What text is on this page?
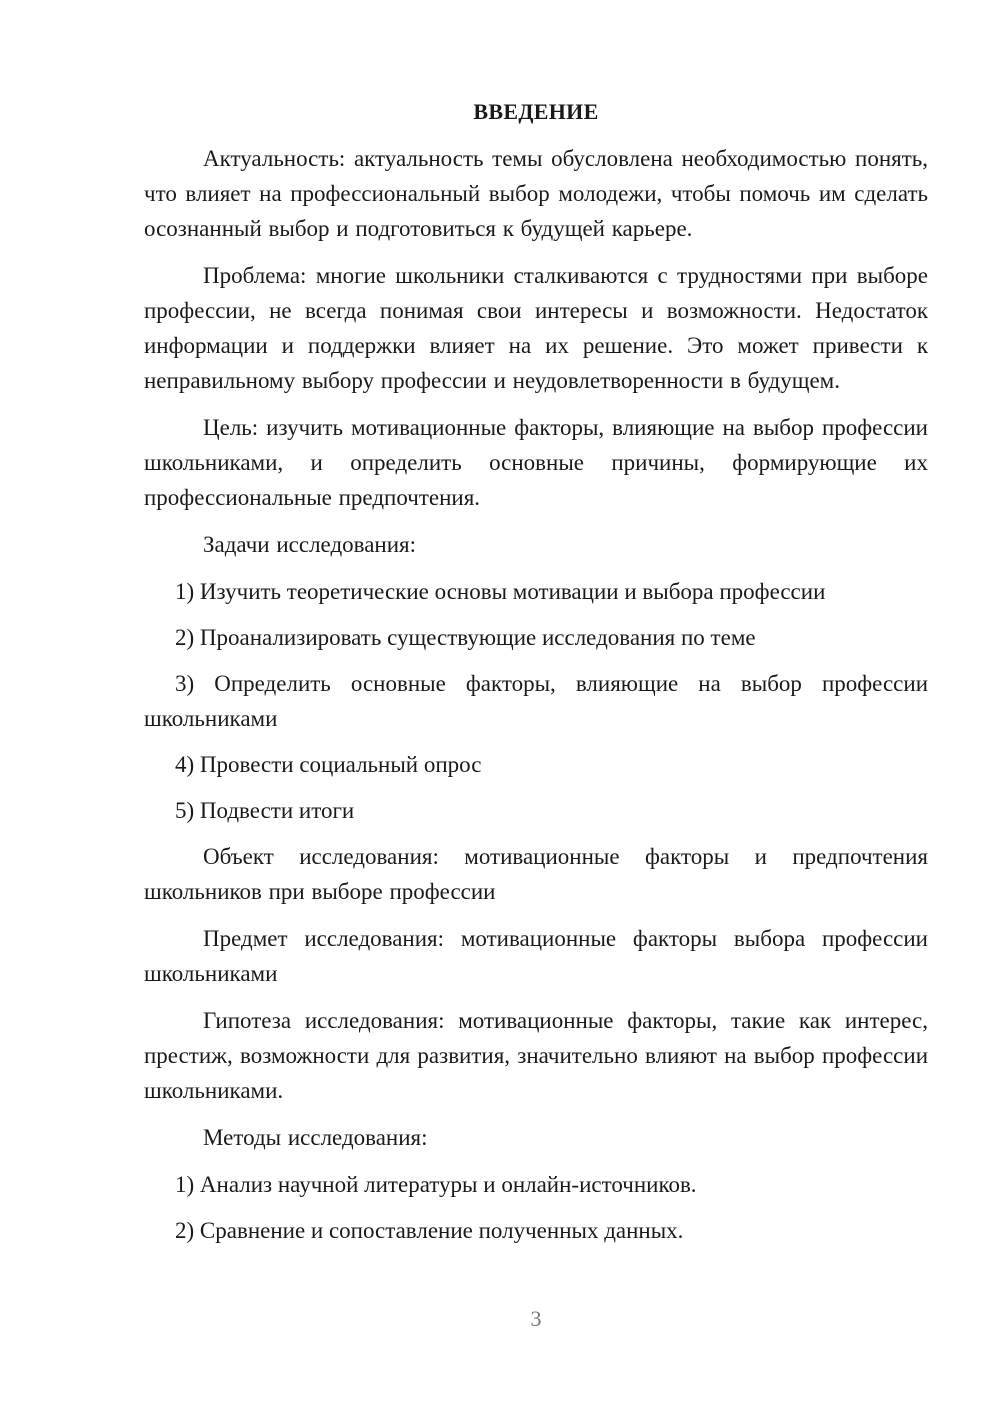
ВВЕДЕНИЕ

Актуальность: актуальность темы обусловлена необходимостью понять, что влияет на профессиональный выбор молодежи, чтобы помочь им сделать осознанный выбор и подготовиться к будущей карьере.

Проблема: многие школьники сталкиваются с трудностями при выборе профессии, не всегда понимая свои интересы и возможности. Недостаток информации и поддержки влияет на их решение. Это может привести к неправильному выбору профессии и неудовлетворенности в будущем.

Цель: изучить мотивационные факторы, влияющие на выбор профессии школьниками, и определить основные причины, формирующие их профессиональные предпочтения.

Задачи исследования:

1) Изучить теоретические основы мотивации и выбора профессии

2) Проанализировать существующие исследования по теме

3) Определить основные факторы, влияющие на выбор профессии школьниками

4) Провести социальный опрос

5) Подвести итоги

Объект исследования: мотивационные факторы и предпочтения школьников при выборе профессии

Предмет исследования: мотивационные факторы выбора профессии школьниками

Гипотеза исследования: мотивационные факторы, такие как интерес, престиж, возможности для развития, значительно влияют на выбор профессии школьниками.

Методы исследования:

1) Анализ научной литературы и онлайн-источников.

2) Сравнение и сопоставление полученных данных.

3
